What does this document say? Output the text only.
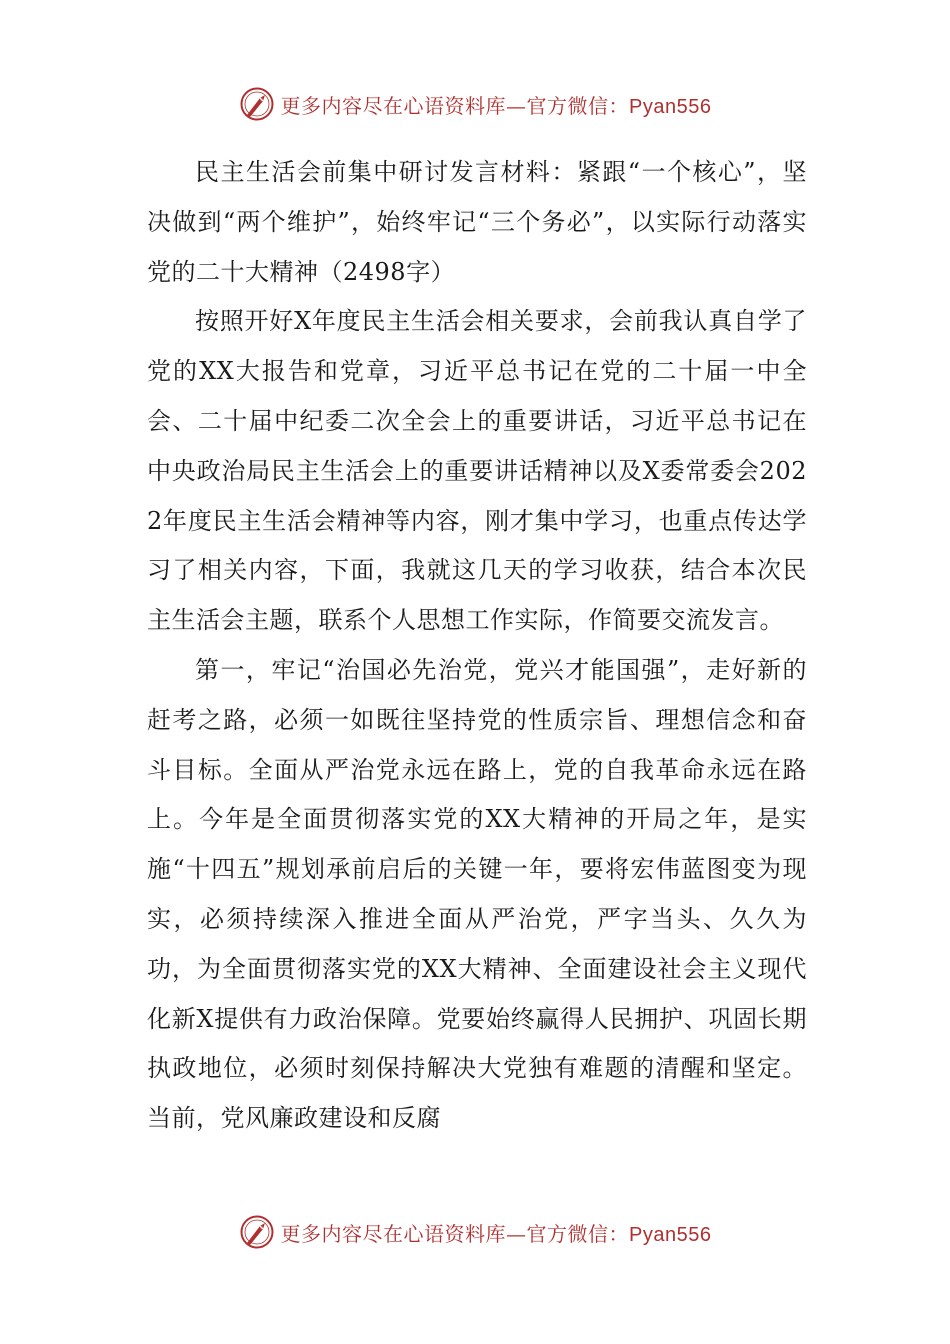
更多内容尽在心语资料库—官方微信：Pyan556

民主生活会前集中研讨发言材料：紧跟“一个核心”，坚决做到“两个维护”，始终牢记“三个务必”，以实际行动落实党的二十大精神（2498字）

按照开好X年度民主生活会相关要求，会前我认真自学了党的XX大报告和党章，习近平总书记在党的二十届一中全会、二十届中纪委二次全会上的重要讲话，习近平总书记在中央政治局民主生活会上的重要讲话精神以及X委常委会2022年度民主生活会精神等内容，刚才集中学习，也重点传达学习了相关内容，下面，我就这几天的学习收获，结合本次民主生活会主题，联系个人思想工作实际，作简要交流发言。

第一，牢记“治国必先治党，党兴才能国强”，走好新的赶考之路，必须一如既往坚持党的性质宗旨、理想信念和奋斗目标。全面从严治党永远在路上，党的自我革命永远在路上。今年是全面贯彻落实党的XX大精神的开局之年，是实施“十四五”规划承前启后的关键一年，要将宏伟蓝图变为现实，必须持续深入推进全面从严治党，严字当头、久久为功，为全面贯彻落实党的XX大精神、全面建设社会主义现代化新X提供有力政治保障。党要始终赢得人民拥护、巩固长期执政地位，必须时刻保持解决大党独有难题的清醒和坚定。当前，党风廉政建设和反腐

更多内容尽在心语资料库—官方微信：Pyan556
